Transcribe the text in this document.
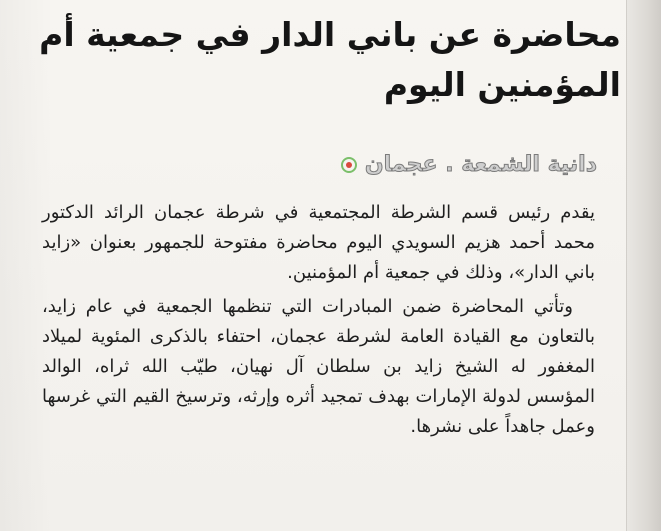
محاضرة عن باني الدار في جمعية أم المؤمنين اليوم
دانية الشمعة . عجمان

يقدم رئيس قسم الشرطة المجتمعية في شرطة عجمان الرائد الدكتور محمد أحمد هزيم السويدي اليوم محاضرة مفتوحة للجمهور بعنوان «زايد باني الدار»، وذلك في جمعية أم المؤمنين.

وتأتي المحاضرة ضمن المبادرات التي تنظمها الجمعية في عام زايد، بالتعاون مع القيادة العامة لشرطة عجمان، احتفاء بالذكرى المئوية لميلاد المغفور له الشيخ زايد بن سلطان آل نهيان، طيّب الله ثراه، الوالد المؤسس لدولة الإمارات بهدف تمجيد أثره وإرثه، وترسيخ القيم التي غرسها وعمل جاهداً على نشرها.
